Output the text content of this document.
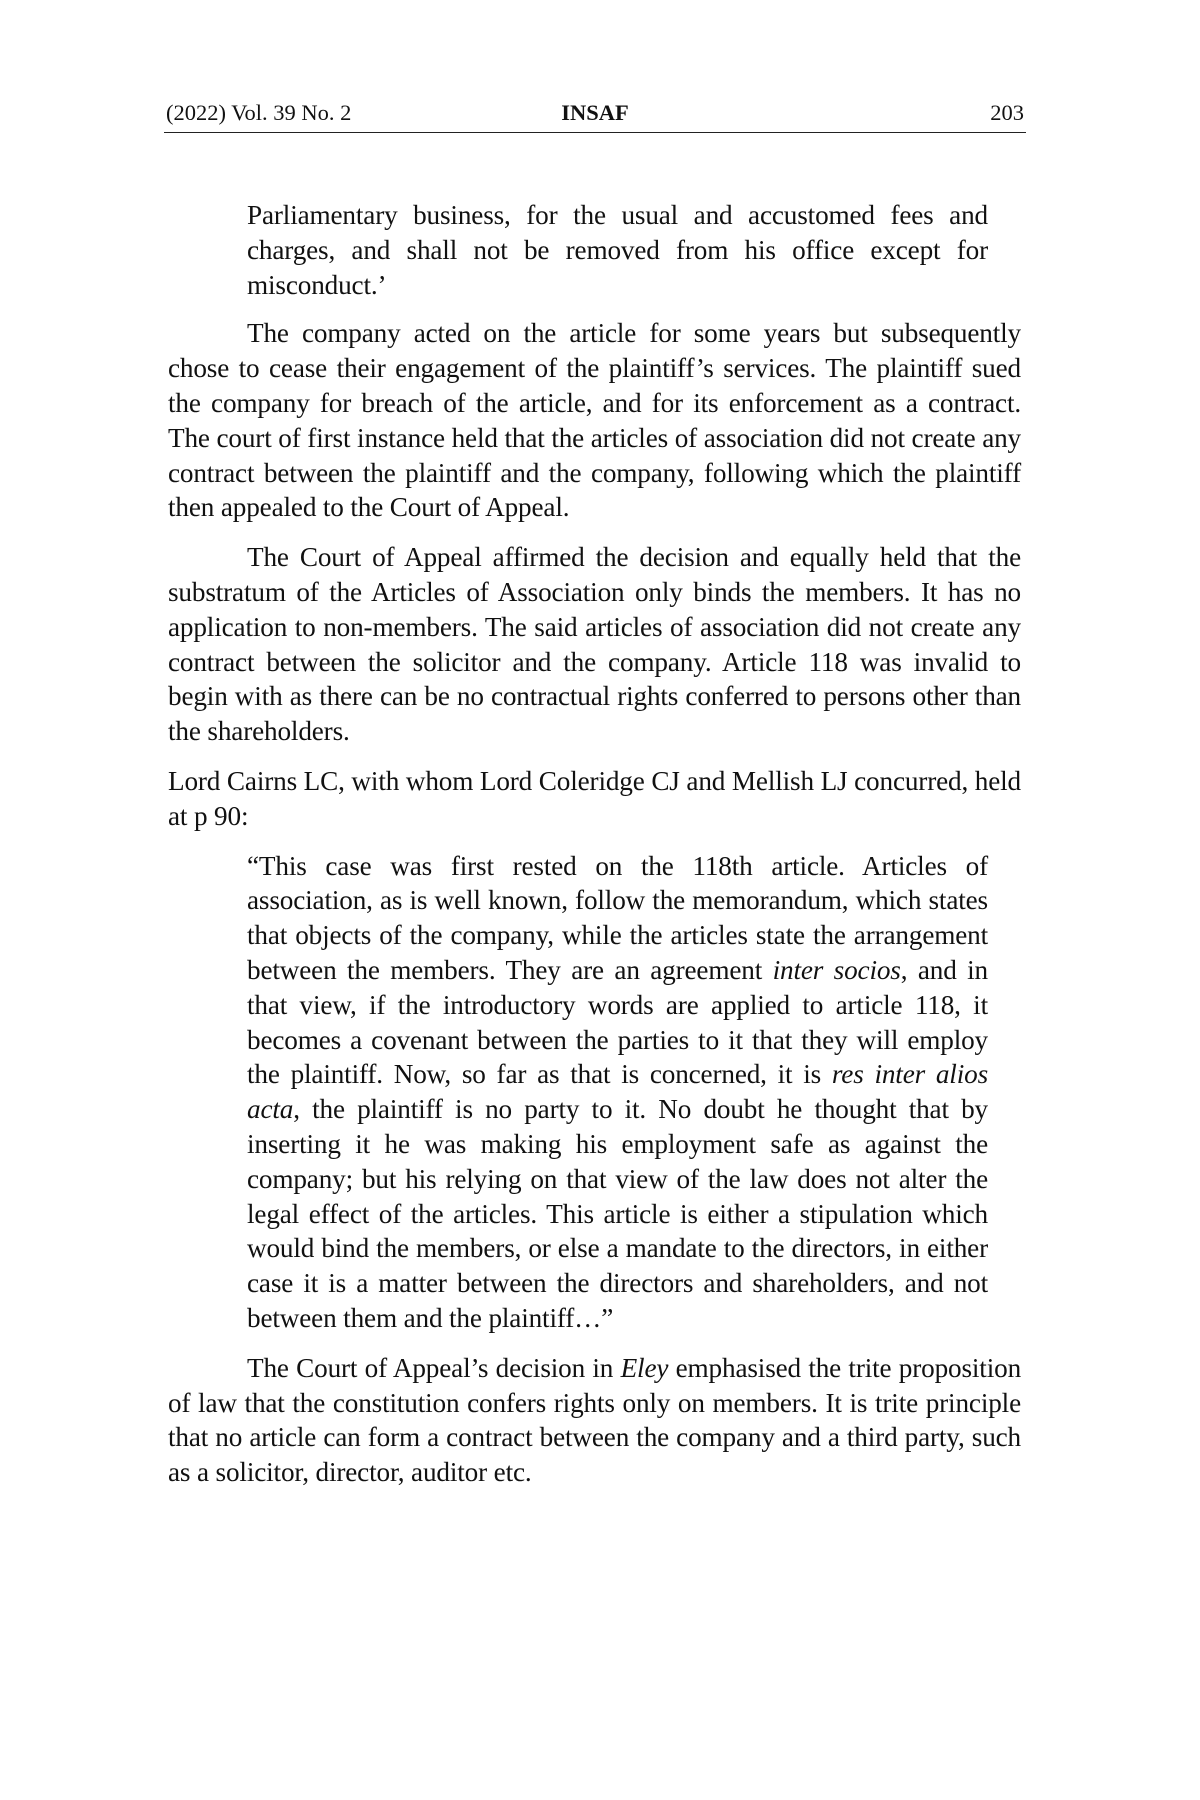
(2022) Vol. 39 No. 2	INSAF	203

Parliamentary business, for the usual and accustomed fees and charges, and shall not be removed from his office except for misconduct.’

The company acted on the article for some years but subsequently chose to cease their engagement of the plaintiff’s services. The plaintiff sued the company for breach of the article, and for its enforcement as a contract. The court of first instance held that the articles of association did not create any contract between the plaintiff and the company, following which the plaintiff then appealed to the Court of Appeal.

The Court of Appeal affirmed the decision and equally held that the substratum of the Articles of Association only binds the members. It has no application to non-members. The said articles of association did not create any contract between the solicitor and the company. Article 118 was invalid to begin with as there can be no contractual rights conferred to persons other than the shareholders.

Lord Cairns LC, with whom Lord Coleridge CJ and Mellish LJ concurred, held at p 90:

“This case was first rested on the 118th article. Articles of association, as is well known, follow the memorandum, which states that objects of the company, while the articles state the arrangement between the members. They are an agreement inter socios, and in that view, if the introductory words are applied to article 118, it becomes a covenant between the parties to it that they will employ the plaintiff. Now, so far as that is concerned, it is res inter alios acta, the plaintiff is no party to it. No doubt he thought that by inserting it he was making his employment safe as against the company; but his relying on that view of the law does not alter the legal effect of the articles. This article is either a stipulation which would bind the members, or else a mandate to the directors, in either case it is a matter between the directors and shareholders, and not between them and the plaintiff…”

The Court of Appeal’s decision in Eley emphasised the trite proposition of law that the constitution confers rights only on members. It is trite principle that no article can form a contract between the company and a third party, such as a solicitor, director, auditor etc.
